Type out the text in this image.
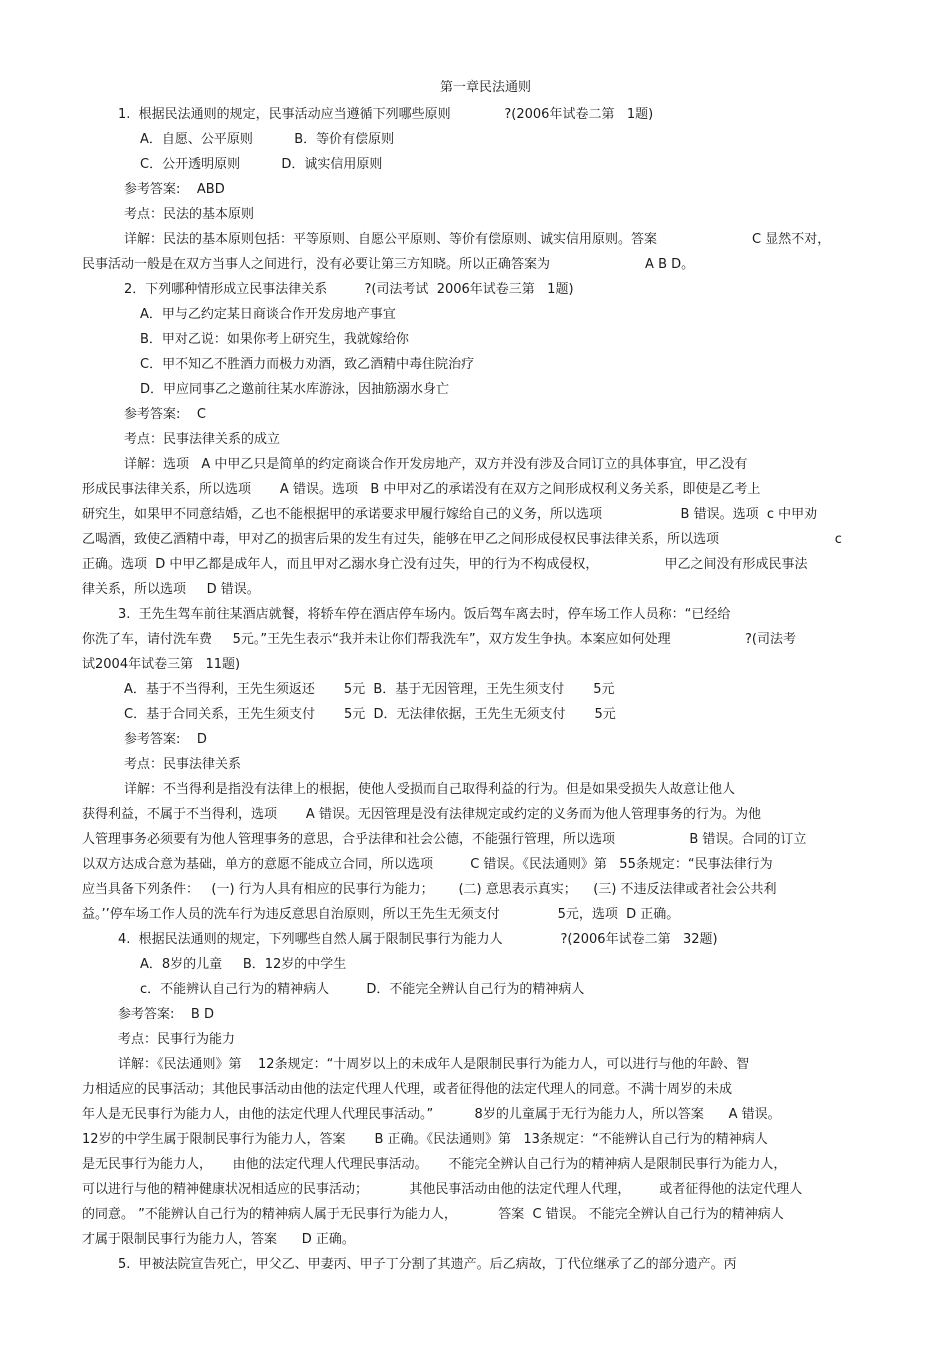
第一章民法通则
1.  根据民法通则的规定，民事活动应当遵循下列哪些原则             ?(2006年试卷二第   1题)
A．自愿、公平原则          B．等价有偿原则
C．公开透明原则          D．诚实信用原则
参考答案:    ABD
考点：民法的基本原则
详解：民法的基本原则包括：平等原则、自愿公平原则、等价有偿原则、诚实信用原则。答案                       C 显然不对，
民事活动一般是在双方当事人之间进行，没有必要让第三方知晓。所以正确答案为                       A B D。
2．下列哪种情形成立民事法律关系         ?(司法考试  2006年试卷三第   1题)
A．甲与乙约定某日商谈合作开发房地产事宜
B．甲对乙说：如果你考上研究生，我就嫁给你
C．甲不知乙不胜酒力而极力劝酒，致乙酒精中毒住院治疗
D．甲应同事乙之邀前往某水库游泳，因抽筋溺水身亡
参考答案:    C
考点：民事法律关系的成立
详解：选项   A 中甲乙只是简单的约定商谈合作开发房地产，双方并没有涉及合同订立的具体事宜，甲乙没有
形成民事法律关系，所以选项       A 错误。选项   B 中甲对乙的承诺没有在双方之间形成权利义务关系，即使是乙考上
研究生，如果甲不同意结婚，乙也不能根据甲的承诺要求甲履行嫁给自己的义务，所以选项                   B 错误。选项  c 中甲劝
乙喝酒，致使乙酒精中毒，甲对乙的损害后果的发生有过失，能够在甲乙之间形成侵权民事法律关系，所以选项                            c
正确。选项  D 中甲乙都是成年人，而且甲对乙溺水身亡没有过失，甲的行为不构成侵权，                甲乙之间没有形成民事法
律关系，所以选项     D 错误。
3.  王先生驾车前往某酒店就餐，将轿车停在酒店停车场内。饭后驾车离去时，停车场工作人员称：“已经给
你洗了车，请付洗车费     5元。”王先生表示“我并未让你们帮我洗车”，双方发生争执。本案应如何处理                  ?(司法考
试2004年试卷三第   11题)
A．基于不当得利，王先生须返还       5元  B．基于无因管理，王先生须支付       5元
C．基于合同关系，王先生须支付       5元  D．无法律依据，王先生无须支付       5元
参考答案:    D
考点：民事法律关系
详解：不当得利是指没有法律上的根据，使他人受损而自己取得利益的行为。但是如果受损失人故意让他人
获得利益，不属于不当得利，选项       A 错误。无因管理是没有法律规定或约定的义务而为他人管理事务的行为。为他
人管理事务必须要有为他人管理事务的意思，合乎法律和社会公德，不能强行管理，所以选项                  B 错误。合同的订立
以双方达成合意为基础，单方的意愿不能成立合同，所以选项         C 错误。《民法通则》第   55条规定：“民事法律行为
应当具备下列条件：   (一) 行为人具有相应的民事行为能力；      (二) 意思表示真实；    (三) 不违反法律或者社会公共利
益。’’停车场工作人员的洗车行为违反意思自治原则，所以王先生无须支付              5元，选项  D 正确。
4.  根据民法通则的规定，下列哪些自然人属于限制民事行为能力人              ?(2006年试卷二第   32题)
A．8岁的儿童     B．12岁的中学生
c．不能辨认自己行为的精神病人         D．不能完全辨认自己行为的精神病人
参考答案:    B D
考点：民事行为能力
详解：《民法通则》第    12条规定：“十周岁以上的未成年人是限制民事行为能力人，可以进行与他的年龄、智
力相适应的民事活动；其他民事活动由他的法定代理人代理，或者征得他的法定代理人的同意。不满十周岁的未成
年人是无民事行为能力人，由他的法定代理人代理民事活动。”          8岁的儿童属于无行为能力人，所以答案      A 错误。
12岁的中学生属于限制民事行为能力人，答案       B 正确。《民法通则》第   13条规定：“不能辨认自己行为的精神病人
是无民事行为能力人，     由他的法定代理人代理民事活动。     不能完全辨认自己行为的精神病人是限制民事行为能力人，
可以进行与他的精神健康状况相适应的民事活动；          其他民事活动由他的法定代理人代理，       或者征得他的法定代理人
的同意。 ”不能辨认自己行为的精神病人属于无民事行为能力人，          答案  C 错误。 不能完全辨认自己行为的精神病人
才属于限制民事行为能力人，答案      D 正确。
5.  甲被法院宣告死亡，甲父乙、甲妻丙、甲子丁分割了其遗产。后乙病故，丁代位继承了乙的部分遗产。丙
